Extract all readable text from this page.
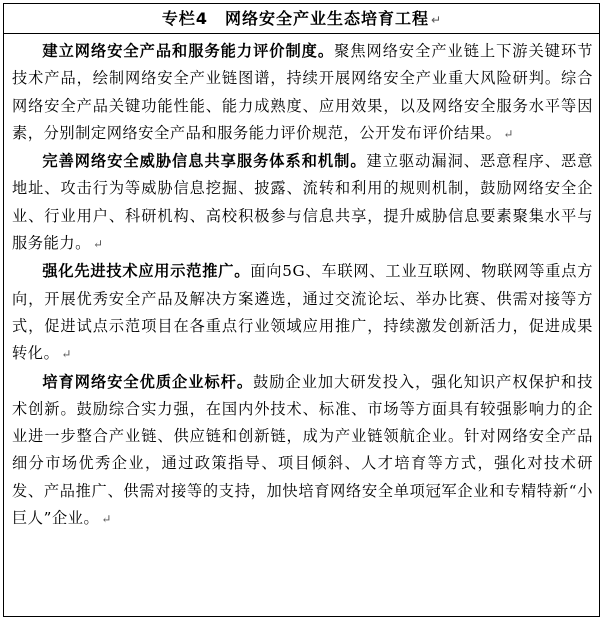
专栏4　网络安全产业生态培育工程 ↵

建立网络安全产品和服务能力评价制度。聚焦网络安全产业链上下游关键环节技术产品，绘制网络安全产业链图谱，持续开展网络安全产业重大风险研判。综合网络安全产品关键功能性能、能力成熟度、应用效果，以及网络安全服务水平等因素，分别制定网络安全产品和服务能力评价规范，公开发布评价结果。 ↵

完善网络安全威胁信息共享服务体系和机制。建立驱动漏洞、恶意程序、恶意地址、攻击行为等威胁信息挖掘、披露、流转和利用的规则机制，鼓励网络安全企业、行业用户、科研机构、高校积极参与信息共享，提升威胁信息要素聚集水平与服务能力。 ↵

强化先进技术应用示范推广。面向5G、车联网、工业互联网、物联网等重点方向，开展优秀安全产品及解决方案遴选，通过交流论坛、举办比赛、供需对接等方式，促进试点示范项目在各重点行业领域应用推广，持续激发创新活力，促进成果转化。 ↵

培育网络安全优质企业标杆。鼓励企业加大研发投入，强化知识产权保护和技术创新。鼓励综合实力强，在国内外技术、标准、市场等方面具有较强影响力的企业进一步整合产业链、供应链和创新链，成为产业链领航企业。针对网络安全产品细分市场优秀企业，通过政策指导、项目倾斜、人才培育等方式，强化对技术研发、产品推广、供需对接等的支持，加快培育网络安全单项冠军企业和专精特新“小巨人”企业。 ↵
